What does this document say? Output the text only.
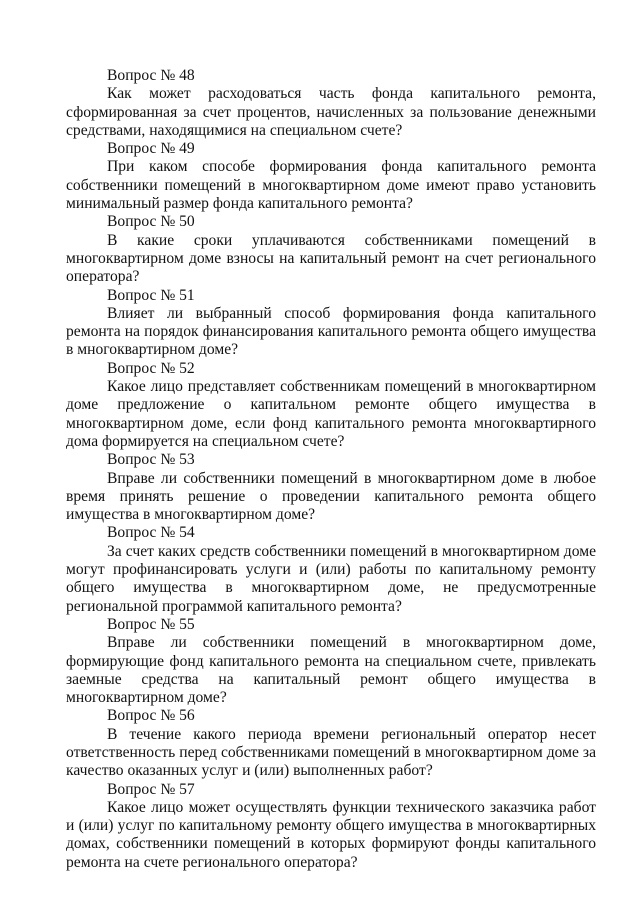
Вопрос № 48

Как может расходоваться часть фонда капитального ремонта, сформированная за счет процентов, начисленных за пользование денежными средствами, находящимися на специальном счете?

Вопрос № 49

При каком способе формирования фонда капитального ремонта собственники помещений в многоквартирном доме имеют право установить минимальный размер фонда капитального ремонта?

Вопрос № 50

В какие сроки уплачиваются собственниками помещений в многоквартирном доме взносы на капитальный ремонт на счет регионального оператора?

Вопрос № 51

Влияет ли выбранный способ формирования фонда капитального ремонта на порядок финансирования капитального ремонта общего имущества в многоквартирном доме?

Вопрос № 52

Какое лицо представляет собственникам помещений в многоквартирном доме предложение о капитальном ремонте общего имущества в многоквартирном доме, если фонд капитального ремонта многоквартирного дома формируется на специальном счете?

Вопрос № 53

Вправе ли собственники помещений в многоквартирном доме в любое время принять решение о проведении капитального ремонта общего имущества в многоквартирном доме?

Вопрос № 54

За счет каких средств собственники помещений в многоквартирном доме могут профинансировать услуги и (или) работы по капитальному ремонту общего имущества в многоквартирном доме, не предусмотренные региональной программой капитального ремонта?

Вопрос № 55

Вправе ли собственники помещений в многоквартирном доме, формирующие фонд капитального ремонта на специальном счете, привлекать заемные средства на капитальный ремонт общего имущества в многоквартирном доме?

Вопрос № 56

В течение какого периода времени региональный оператор несет ответственность перед собственниками помещений в многоквартирном доме за качество оказанных услуг и (или) выполненных работ?

Вопрос № 57

Какое лицо может осуществлять функции технического заказчика работ и (или) услуг по капитальному ремонту общего имущества в многоквартирных домах, собственники помещений в которых формируют фонды капитального ремонта на счете регионального оператора?
